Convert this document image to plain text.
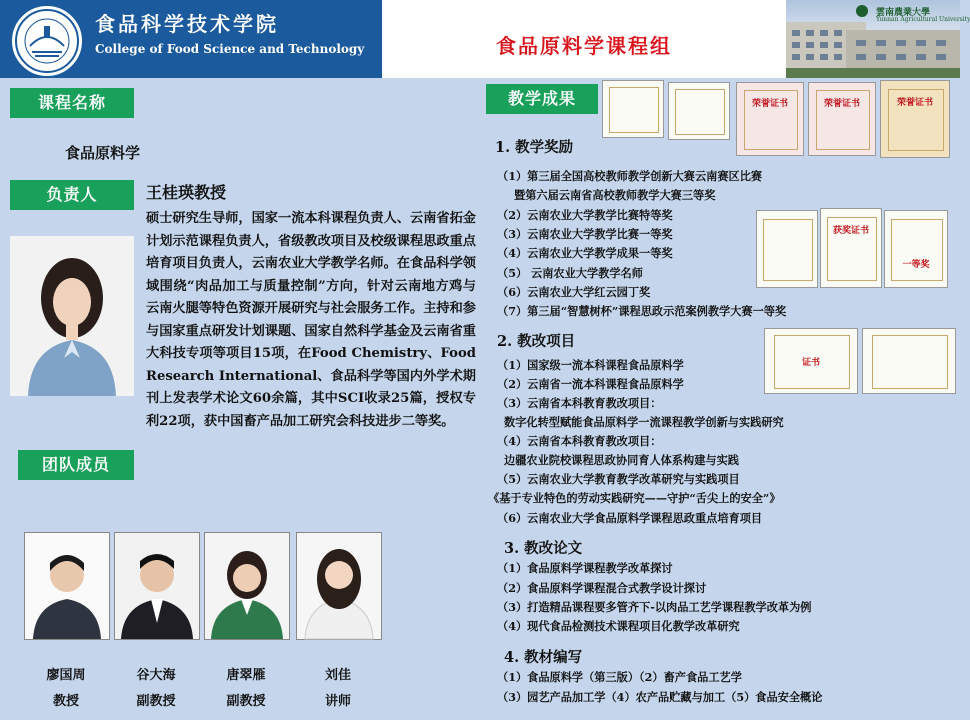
食品科学技术学院
College of Food Science and Technology	食品原料学课程组
雲南農業大學
Yunnan Agricultural University
课程名称
食品原料学
负责人	王桂瑛教授
硕士研究生导师，国家一流本科课程负责人、云南省拓金计划示范课程负责人，省级教改项目及校级课程思政重点培育项目负责人，云南农业大学教学名师。在食品科学领域围绕“肉品加工与质量控制”方向，针对云南地方鸡与云南火腿等特色资源开展研究与社会服务工作。主持和参与国家重点研发计划课题、国家自然科学基金及云南省重大科技专项等项目15项，在Food Chemistry、Food Research International、食品科学等国内外学术期刊上发表学术论文60余篇，其中SCI收录25篇，授权专利22项，获中国畜产品加工研究会科技进步二等奖。
团队成员
廖国周
教授
谷大海
副教授
唐翠雁
副教授
刘佳
讲师
教学成果	荣誉证书	荣誉证书	荣誉证书
获奖证书
一等奖
证书
1. 教学奖励
（1）第三届全国高校教师教学创新大赛云南赛区比赛
暨第六届云南省高校教师教学大赛三等奖
（2）云南农业大学教学比赛特等奖
（3）云南农业大学教学比赛一等奖
（4）云南农业大学教学成果一等奖
（5） 云南农业大学教学名师
（6）云南农业大学红云园丁奖
（7）第三届“智慧树杯”课程思政示范案例教学大赛一等奖
2. 教改项目
（1）国家级一流本科课程食品原料学
（2）云南省一流本科课程食品原料学
（3）云南省本科教育教改项目：
数字化转型赋能食品原料学一流课程教学创新与实践研究
（4）云南省本科教育教改项目：
边疆农业院校课程思政协同育人体系构建与实践
（5）云南农业大学教育教学改革研究与实践项目
《基于专业特色的劳动实践研究——守护“舌尖上的安全”》
（6）云南农业大学食品原料学课程思政重点培育项目
3. 教改论文
（1）食品原料学课程教学改革探讨
（2）食品原料学课程混合式教学设计探讨
（3）打造精品课程要多管齐下-以肉品工艺学课程教学改革为例
（4）现代食品检测技术课程项目化教学改革研究
4. 教材编写
（1）食品原料学（第三版）（2）畜产食品工艺学
（3）园艺产品加工学（4）农产品贮藏与加工（5）食品安全概论
